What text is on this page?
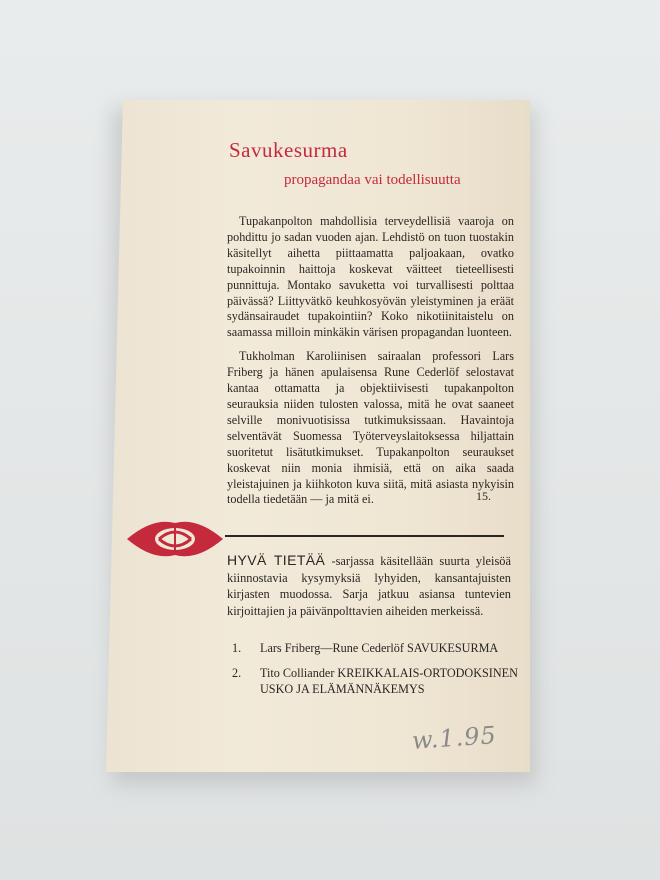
Savukesurma
propagandaa vai todellisuutta

Tupakanpolton mahdollisia terveydellisiä vaaroja on pohdittu jo sadan vuoden ajan. Lehdistö on tuon tuostakin käsitellyt aihetta piittaamatta paljoakaan, ovatko tupakoinnin haittoja koskevat väitteet tieteellisesti punnittuja. Montako savuketta voi turvallisesti polttaa päivässä? Liittyvätkö keuhkosyövän yleistyminen ja eräät sydänsairaudet tupakointiin? Koko nikotiinitaistelu on saamassa milloin minkäkin värisen propagandan luonteen.

Tukholman Karoliinisen sairaalan professori Lars Friberg ja hänen apulaisensa Rune Cederlöf selostavat kantaa ottamatta ja objektiivisesti tupakanpolton seurauksia niiden tulosten valossa, mitä he ovat saaneet selville monivuotisissa tutkimuksissaan. Havaintoja selventävät Suomessa Työterveyslaitoksessa hiljattain suoritetut lisätutkimukset. Tupakanpolton seuraukset koskevat niin monia ihmisiä, että on aika saada yleistajuinen ja kiihkoton kuva siitä, mitä asiasta nykyisin todella tiedetään — ja mitä ei.	15.
HYVÄ TIETÄÄ -sarjassa käsitellään suurta yleisöä kiinnostavia kysymyksiä lyhyiden, kansantajuisten kirjasten muodossa. Sarja jatkuu asiansa tuntevien kirjoittajien ja päivänpolttavien aiheiden merkeissä.
1.	Lars Friberg—Rune Cederlöf SAVUKESURMA
2.	Tito Colliander KREIKKALAIS-ORTODOKSINEN USKO JA ELÄMÄNNÄKEMYS
w.1.95
